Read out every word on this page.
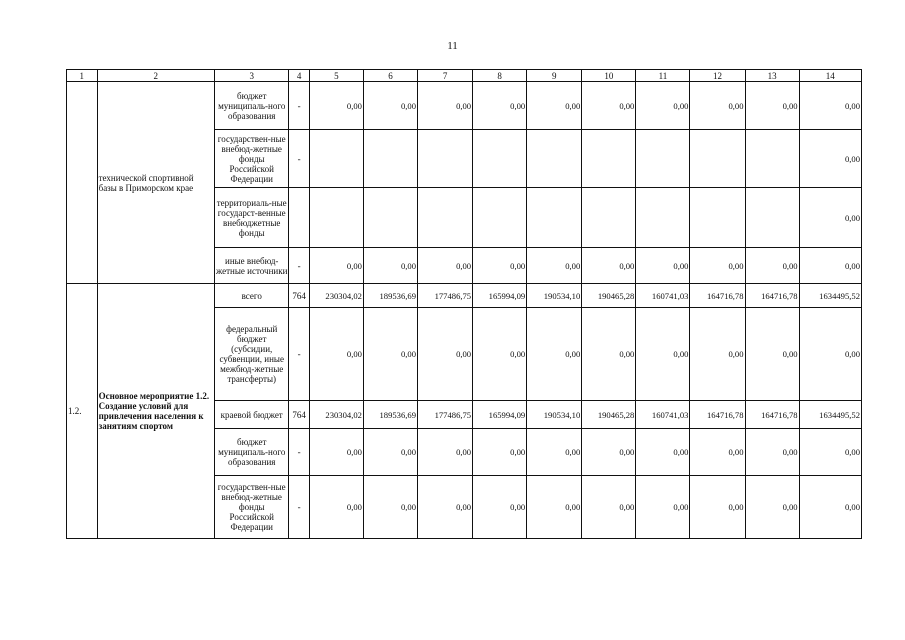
11
1	2	3	4	5	6	7	8	9	10	11	12	13	14
	технической спортивной базы в Приморском крае	бюджет муниципаль-ного образования	-	0,00	0,00	0,00	0,00	0,00	0,00	0,00	0,00	0,00	0,00
		государствен-ные внебюд-жетные фонды Российской Федерации	-										0,00
		территориаль-ные государст-венные внебюджетные фонды											0,00
		иные внебюд-жетные источники	-	0,00	0,00	0,00	0,00	0,00	0,00	0,00	0,00	0,00	0,00
1.2.	Основное мероприятие 1.2. Создание условий для привлечения населения к занятиям спортом	всего	764	230304,02	189536,69	177486,75	165994,09	190534,10	190465,28	160741,03	164716,78	164716,78	1634495,52
		федеральный бюджет (субсидии, субвенции, иные межбюд-жетные трансферты)	-	0,00	0,00	0,00	0,00	0,00	0,00	0,00	0,00	0,00	0,00
		краевой бюджет	764	230304,02	189536,69	177486,75	165994,09	190534,10	190465,28	160741,03	164716,78	164716,78	1634495,52
		бюджет муниципаль-ного образования	-	0,00	0,00	0,00	0,00	0,00	0,00	0,00	0,00	0,00	0,00
		государствен-ные внебюд-жетные фонды Российской Федерации	-	0,00	0,00	0,00	0,00	0,00	0,00	0,00	0,00	0,00	0,00
